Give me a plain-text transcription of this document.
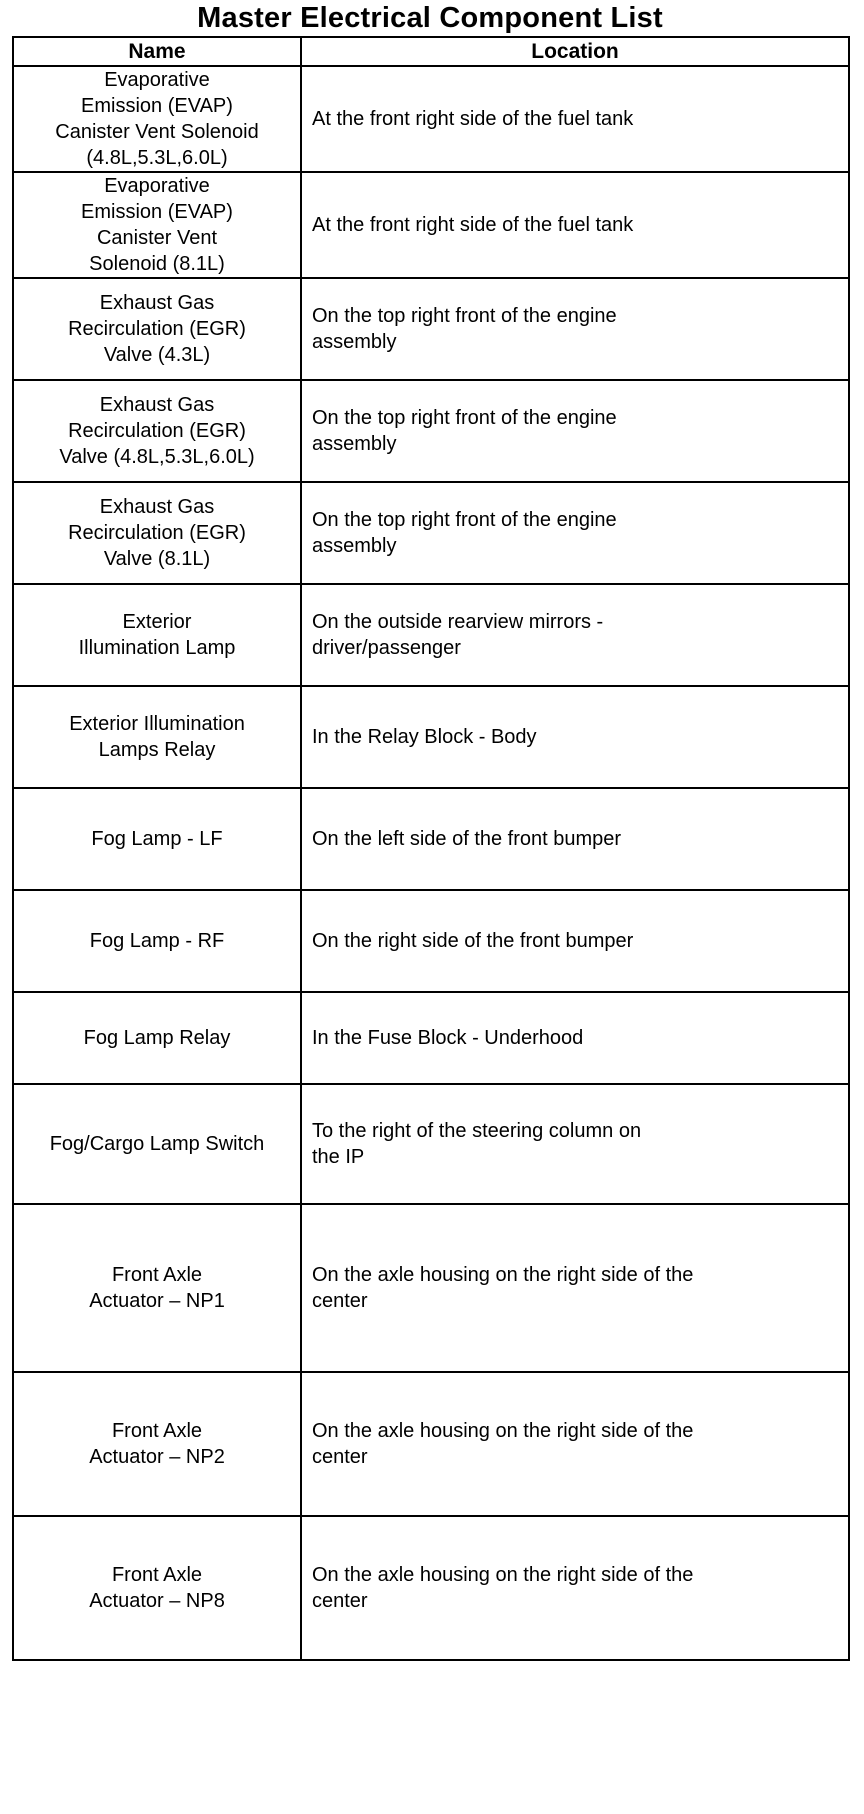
Master Electrical Component List
Name	Location
Evaporative
Emission (EVAP)
Canister Vent Solenoid
(4.8L,5.3L,6.0L)	At the front right side of the fuel tank
Evaporative
Emission (EVAP)
Canister Vent
Solenoid (8.1L)	At the front right side of the fuel tank
Exhaust Gas
Recirculation (EGR)
Valve (4.3L)	On the top right front of the engine
assembly
Exhaust Gas
Recirculation (EGR)
Valve (4.8L,5.3L,6.0L)	On the top right front of the engine
assembly
Exhaust Gas
Recirculation (EGR)
Valve (8.1L)	On the top right front of the engine
assembly
Exterior
Illumination Lamp	On the outside rearview mirrors -
driver/passenger
Exterior Illumination
Lamps Relay	In the Relay Block - Body
Fog Lamp - LF	On the left side of the front bumper
Fog Lamp - RF	On the right side of the front bumper
Fog Lamp Relay	In the Fuse Block - Underhood
Fog/Cargo Lamp Switch	To the right of the steering column on
the IP
Front Axle
Actuator – NP1	On the axle housing on the right side of the
center
Front Axle
Actuator – NP2	On the axle housing on the right side of the
center
Front Axle
Actuator – NP8	On the axle housing on the right side of the
center
